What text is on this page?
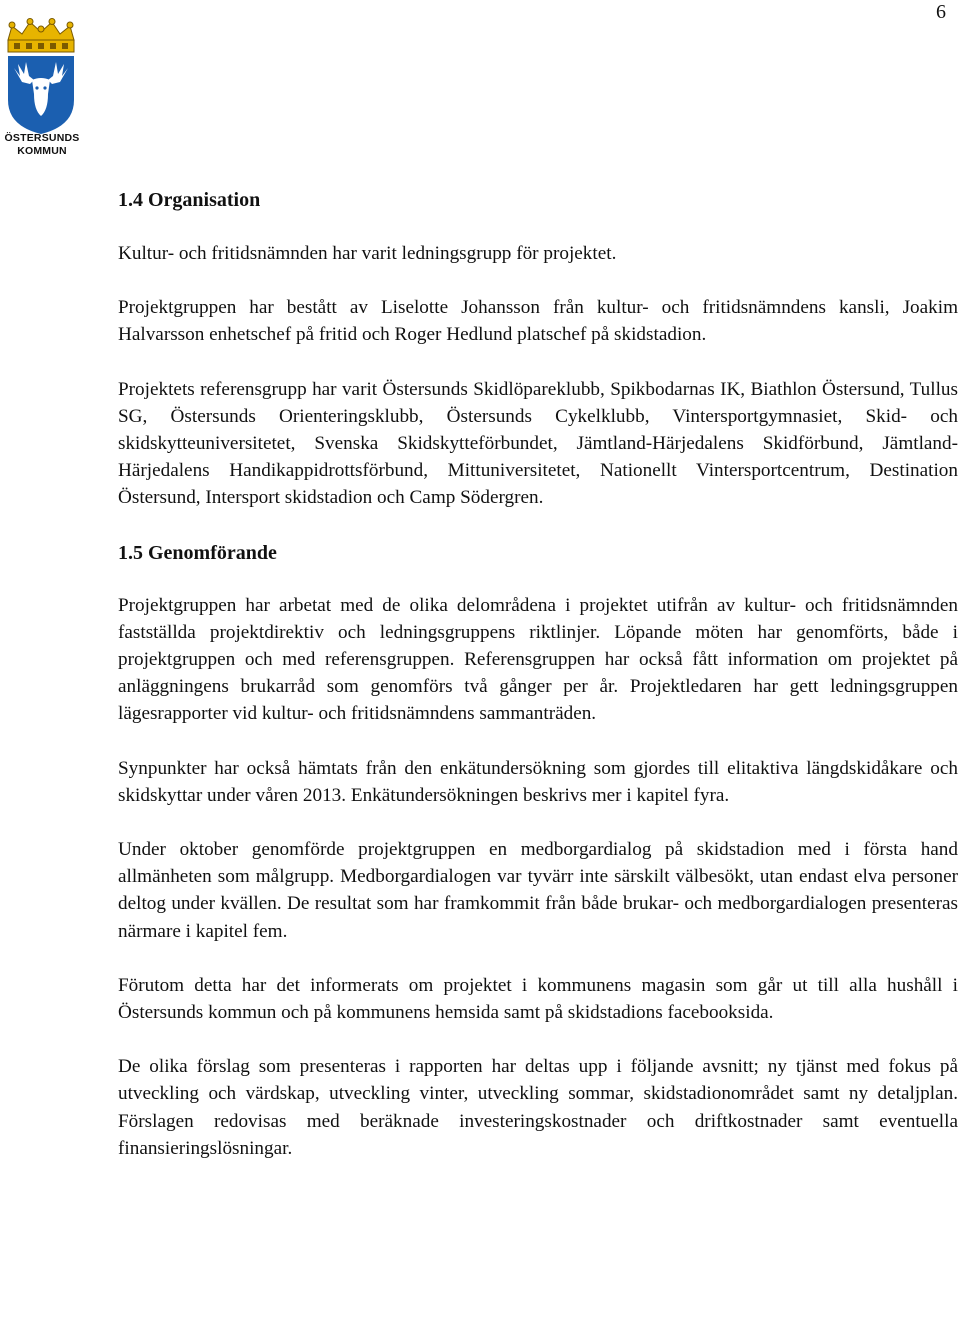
6
ÖSTERSUNDS
KOMMUN
1.4 Organisation

Kultur- och fritidsnämnden har varit ledningsgrupp för projektet.

Projektgruppen har bestått av Liselotte Johansson från kultur- och fritidsnämndens kansli, Joakim Halvarsson enhetschef på fritid och Roger Hedlund platschef på skidstadion.

Projektets referensgrupp har varit Östersunds Skidlöpareklubb, Spikbodarnas IK, Biathlon Östersund, Tullus SG, Östersunds Orienteringsklubb, Östersunds Cykelklubb, Vintersportgymnasiet, Skid- och skidskytteuniversitetet, Svenska Skidskytteförbundet, Jämtland-Härjedalens Skidförbund, Jämtland-Härjedalens Handikappidrottsförbund, Mittuniversitetet, Nationellt Vintersportcentrum, Destination Östersund, Intersport skidstadion och Camp Södergren.

1.5 Genomförande

Projektgruppen har arbetat med de olika delområdena i projektet utifrån av kultur- och fritidsnämnden fastställda projektdirektiv och ledningsgruppens riktlinjer. Löpande möten har genomförts, både i projektgruppen och med referensgruppen. Referensgruppen har också fått information om projektet på anläggningens brukarråd som genomförs två gånger per år. Projektledaren har gett ledningsgruppen lägesrapporter vid kultur- och fritidsnämndens sammanträden.

Synpunkter har också hämtats från den enkätundersökning som gjordes till elitaktiva längdskidåkare och skidskyttar under våren 2013. Enkätundersökningen beskrivs mer i kapitel fyra.

Under oktober genomförde projektgruppen en medborgardialog på skidstadion med i första hand allmänheten som målgrupp. Medborgardialogen var tyvärr inte särskilt välbesökt, utan endast elva personer deltog under kvällen. De resultat som har framkommit från både brukar- och medborgardialogen presenteras närmare i kapitel fem.

Förutom detta har det informerats om projektet i kommunens magasin som går ut till alla hushåll i Östersunds kommun och på kommunens hemsida samt på skidstadions facebooksida.

De olika förslag som presenteras i rapporten har deltas upp i följande avsnitt; ny tjänst med fokus på utveckling och värdskap, utveckling vinter, utveckling sommar, skidstadionområdet samt ny detaljplan. Förslagen redovisas med beräknade investeringskostnader och driftkostnader samt eventuella finansieringslösningar.
